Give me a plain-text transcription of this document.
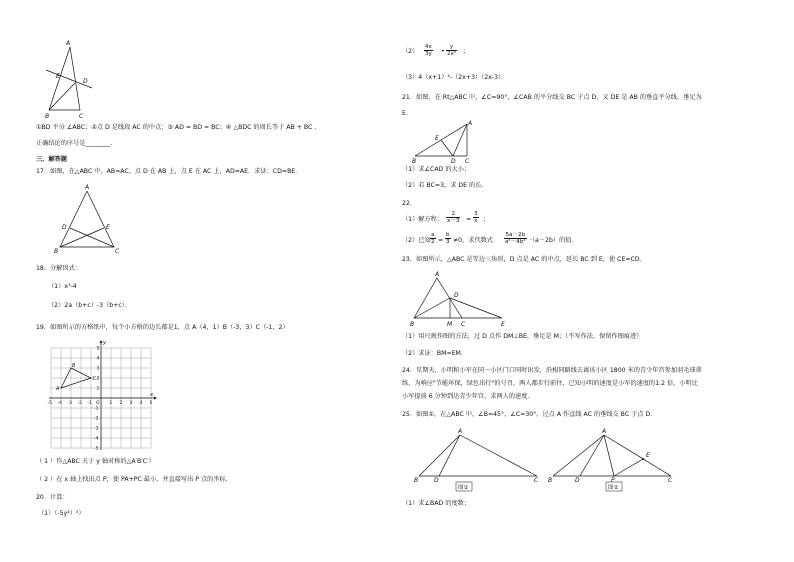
A
E
D
B	C
①BD 平分 ∠ABC；②点 D 是线段 AC 的中点；③ AD = BD = BC；④ △BDC 的周长等于 AB + BC .
正确结论的序号是________.
三、解答题
17．如图，在△ABC 中，AB=AC，点 D 在 AB 上，点 E 在 AC 上，AD=AE．求证：CD=BE．
A
D	E
B	C
18．分解因式：
（1）x³-4
（2）2a（b+c）-3（b+c）．
19．如图所示的方格纸中，每个小方格的边长都是1，点 A（4，1）B（-3，3）C（-1，2）
x
y
O
-5 -4 -3 -2 -1	1 2 3 4 5
5
4
3
2
1
-1
-2
-3
-4
-5
A
B
C
（ 1 ）作△ABC 关于 y 轴对称的△A′B′C′）
（ 2 ）在 x 轴上找出点 P，使 PA+PC 最小，并直接写出 P 点的坐标．
20．计算：
（1）（-5y²）³）
$(2) \frac{4x}{3y}$ • $\frac{y}{\text{2x²}}$ ；
（3）4（x+1）²-（2x+3）（2x-3）．
21．如图，在 Rt△ABC 中，∠C=90°，∠CAB 的平分线交 BC 于点 D，又 DE 是 AB 的垂直平分线，垂足为
E．
A
E
B	D C
（1）求∠CAD 的大小；
（2）若 BC=3，求 DE 的长．
22．
（1）解方程： $\frac{2}{x-3} = \frac{3}{x}$ ；
（2）已知 $\frac{a}{2} = \frac{b}{3} \ne 0$，求代数式 $\frac{5a-2b}{\text{a²－4b²}} \cdot(a-2b)$的值．
23．如图所示，△ABC 是等边三角形，D 点是 AC 的中点，延长 BC 到 E，使 CE=CD．
A
D
B	M C	E
（1）用尺规作图的方法，过 D 点作 DM⊥BE，垂足是 M；（不写作法，保留作图痕迹）
（2）求证：BM=EM．
24．星期天，小明和小军在同一小区门口同时出发，沿相同路线去离该小区 1800 米的青少年宫参加羽毛球训
练，为响应"节能环保，绿色出行"的号召，两人都步行前往，已知小明的速度是小军的速度的1.2 倍，小明比
小军提前 6 分钟到达青少年宫，求两人的速度．
25．如图①，在△ABC 中，∠B=45°，∠C=30°，过点 A 作直线 AC 的垂线交 BC 于点 D．
A
B	D	C
图①
A
E
B	D	P	C
图②
（1）求∠BAD 的度数；
